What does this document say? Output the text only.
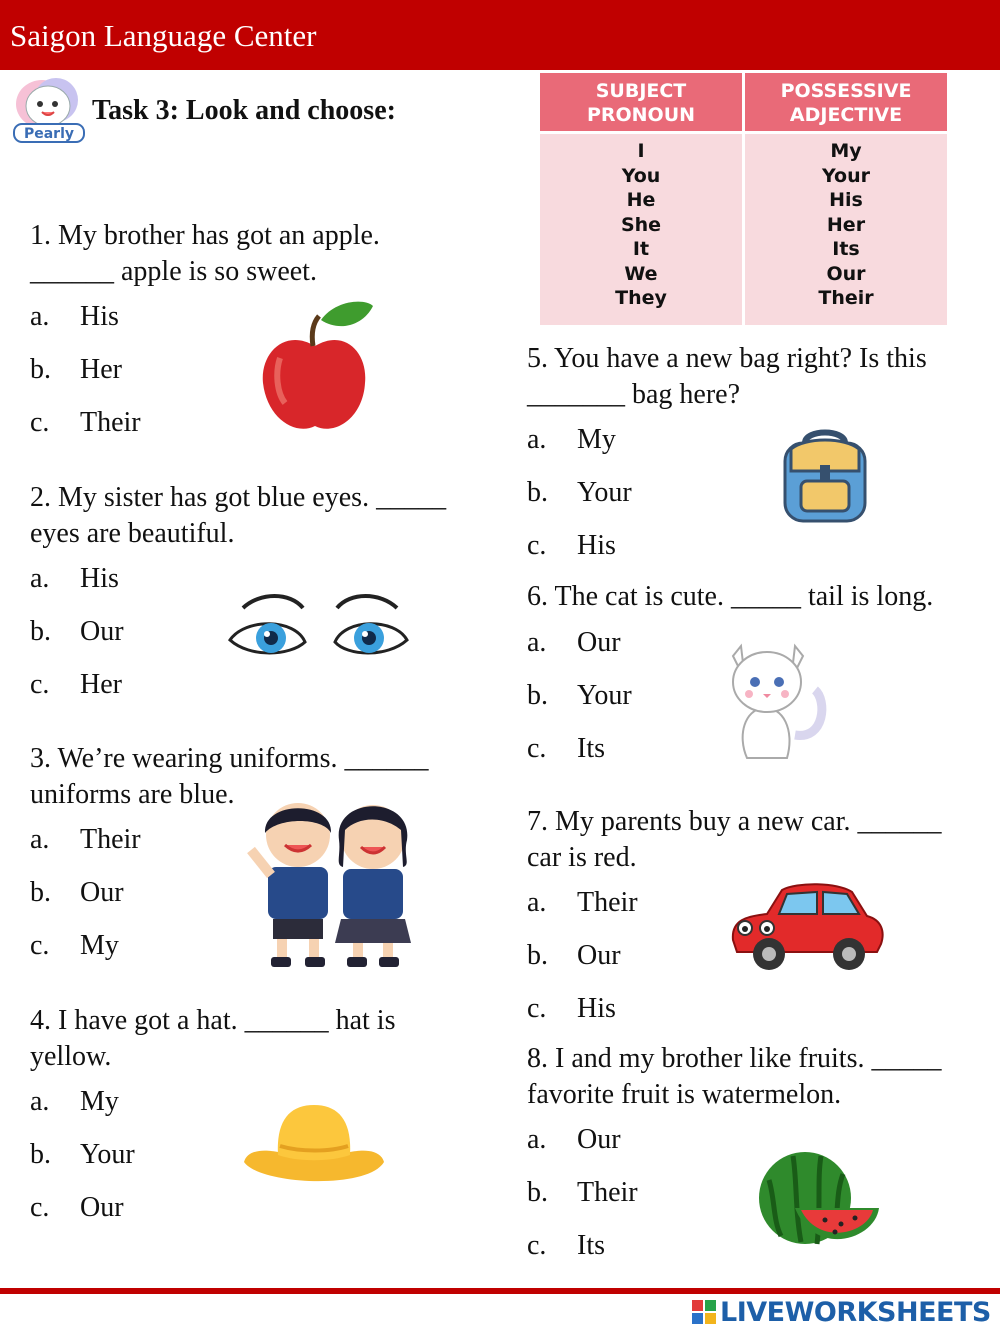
Saigon Language Center
Pearly
Task 3: Look and choose:
SUBJECT
PRONOUN
POSSESSIVE
ADJECTIVE
I
You
He
She
It
We
They
My
Your
His
Her
Its
Our
Their
1. My brother has got an apple.
______ apple is so sweet.
a. His
b. Her
c. Their
2. My sister has got blue eyes. _____
eyes are beautiful.
a. His
b. Our
c. Her
3. We’re wearing uniforms. ______
uniforms are blue.
a. Their
b. Our
c. My
4. I have got a hat. ______ hat is
yellow.
a. My
b. Your
c. Our
5. You have a new bag right? Is this
_______ bag here?
a. My
b. Your
c. His
6. The cat is cute. _____ tail is long.
a. Our
b. Your
c. Its
7. My parents buy a new car. ______
car is red.
a. Their
b. Our
c. His
8. I and my brother like fruits. _____
favorite fruit is watermelon.
a. Our
b. Their
c. Its
LIVEWORKSHEETS
